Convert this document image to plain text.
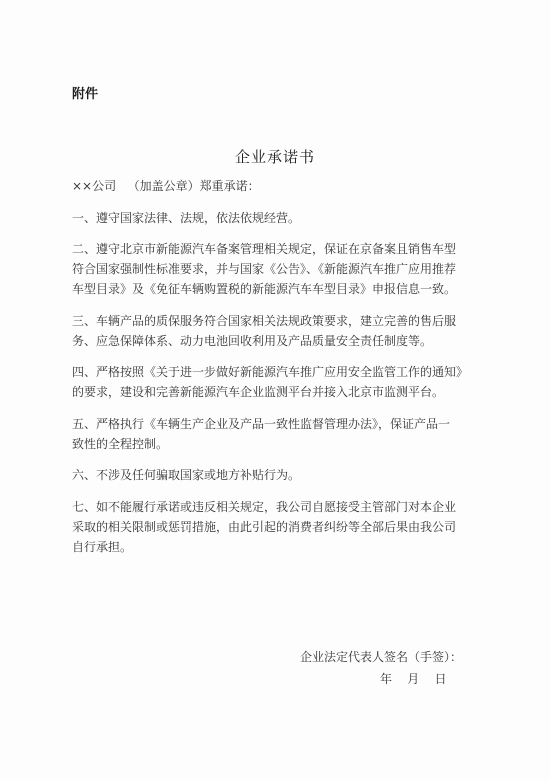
附件
企业承诺书
××公司 （加盖公章）郑重承诺：
一、遵守国家法律、法规，依法依规经营。
二、遵守北京市新能源汽车备案管理相关规定，保证在京备案且销售车型
符合国家强制性标准要求，并与国家《公告》、《新能源汽车推广应用推荐
车型目录》及《免征车辆购置税的新能源汽车车型目录》申报信息一致。
三、车辆产品的质保服务符合国家相关法规政策要求，建立完善的售后服
务、应急保障体系、动力电池回收利用及产品质量安全责任制度等。
四、严格按照《关于进一步做好新能源汽车推广应用安全监管工作的通知》
的要求，建设和完善新能源汽车企业监测平台并接入北京市监测平台。
五、严格执行《车辆生产企业及产品一致性监督管理办法》，保证产品一
致性的全程控制。
六、不涉及任何骗取国家或地方补贴行为。
七、如不能履行承诺或违反相关规定，我公司自愿接受主管部门对本企业
采取的相关限制或惩罚措施，由此引起的消费者纠纷等全部后果由我公司
自行承担。
企业法定代表人签名（手签）：
年    月    日
